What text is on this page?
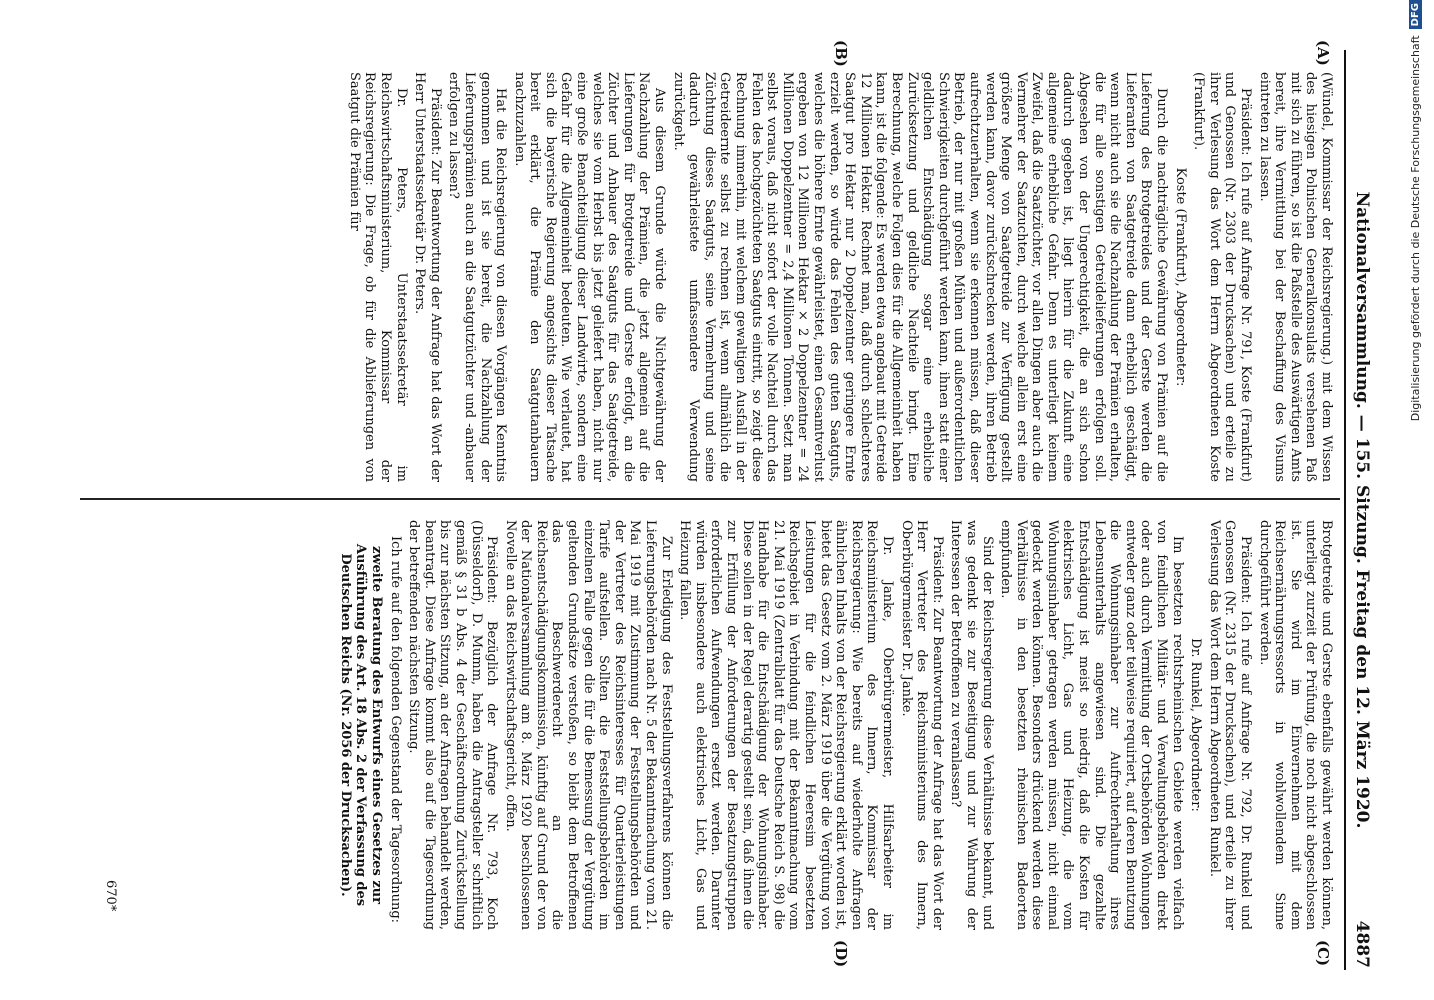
Nationalversammlung. — 155. Sitzung. Freitag den 12. März 1920.
4887
(A)
(B)
(C)
(D)

(Wündel, Kommissar der Reichsregierung.) mit dem Wissen des hiesigen Polnischen Generalkonsulats versehenen Paß mit sich zu führen, so ist die Paßstelle des Auswärtigen Amts bereit, ihre Vermittlung bei der Beschaffung des Visums eintreten zu lassen.

Präsident: Ich rufe auf Anfrage Nr. 791, Koste (Frankfurt) und Genossen (Nr. 2303 der Drucksachen) und erteile zu ihrer Verlesung das Wort dem Herrn Abgeordneten Koste (Frankfurt).

Koste (Frankfurt), Abgeordneter:

Durch die nachträgliche Gewährung von Prämien auf die Lieferung des Brotgetreides und der Gerste werden die Lieferanten von Saatgetreide dann erheblich geschädigt, wenn nicht auch sie die Nachzahlung der Prämien erhalten, die für alle sonstigen Getreidelieferungen erfolgen soll. Abgesehen von der Ungerechtigkeit, die an sich schon dadurch gegeben ist, liegt hierin für die Zukunft eine allgemeine erhebliche Gefahr. Denn es unterliegt keinem Zweifel, daß die Saatzüchter, vor allen Dingen aber auch die Vermehrer der Saatzuchten, durch welche allein erst eine größere Menge von Saatgetreide zur Verfügung gestellt werden kann, davor zurückschrecken werden, ihren Betrieb aufrechtzuerhalten, wenn sie erkennen müssen, daß dieser Betrieb, der nur mit großen Mühen und außerordentlichen Schwierigkeiten durchgeführt werden kann, ihnen statt einer geldlichen Entschädigung sogar eine erhebliche Zurücksetzung und geldliche Nachteile bringt. Eine Berechnung, welche Folgen dies für die Allgemeinheit haben kann, ist die folgende: Es werden etwa angebaut mit Getreide 12 Millionen Hektar. Rechnet man, daß durch schlechteres Saatgut pro Hektar nur 2 Doppelzentner geringere Ernte erzielt werden, so würde das Fehlen des guten Saatguts, welches die höhere Ernte gewährleistet, einen Gesamtverlust ergeben von 12 Millionen Hektar × 2 Doppelzentner = 24 Millionen Doppelzentner = 2,4 Millionen Tonnen. Setzt man selbst voraus, daß nicht sofort der volle Nachteil durch das Fehlen des hochgezüchteten Saatguts eintritt, so zeigt diese Rechnung immerhin, mit welchem gewaltigen Ausfall in der Getreideernte selbst zu rechnen ist, wenn allmählich die Züchtung dieses Saatguts, seine Vermehrung und seine dadurch gewährleistete umfassendere Verwendung zurückgeht.

Aus diesem Grunde würde die Nichtgewährung der Nachzahlung der Prämien, die jetzt allgemein auf die Lieferungen für Brotgetreide und Gerste erfolgt, an die Züchter und Anbauer des Saatguts für das Saatgetreide, welches sie vom Herbst bis jetzt geliefert haben, nicht nur eine große Benachteiligung dieser Landwirte, sondern eine Gefahr für die Allgemeinheit bedeuten. Wie verlautet, hat sich die bayerische Regierung angesichts dieser Tatsache bereit erklärt, die Prämie den Saatgutanbauern nachzuzahlen.

Hat die Reichsregierung von diesen Vorgängen Kenntnis genommen und ist sie bereit, die Nachzahlung der Lieferungsprämien auch an die Saatgutzüchter und -anbauer erfolgen zu lassen?

Präsident: Zur Beantwortung der Anfrage hat das Wort der Herr Unterstaatssekretär Dr. Peters.

Dr. Peters, Unterstaatssekretär im Reichswirtschaftsministerium, Kommissar der Reichsregierung: Die Frage, ob für die Ablieferungen von Saatgut die Prämien für

Brotgetreide und Gerste ebenfalls gewährt werden können, unterliegt zurzeit der Prüfung, die noch nicht abgeschlossen ist. Sie wird im Einvernehmen mit dem Reichsernährungsressorts in wohlwollendem Sinne durchgeführt werden.

Präsident: Ich rufe auf Anfrage Nr. 792, Dr. Runkel und Genossen (Nr. 2315 der Drucksachen), und erteile zu ihrer Verlesung das Wort dem Herrn Abgeordneten Runkel.

Dr. Runkel, Abgeordneter:

Im besetzten rechtsrheinischen Gebiete werden vielfach von feindlichen Militär- und Verwaltungsbehörden direkt oder auch durch Vermittlung der Ortsbehörden Wohnungen entweder ganz oder teilweise requiriert, auf deren Benutzung die Wohnungsinhaber zur Aufrechterhaltung ihres Lebensunterhalts angewiesen sind. Die gezahlte Entschädigung ist meist so niedrig, daß die Kosten für elektrisches Licht, Gas und Heizung, die vom Wohnungsinhaber getragen werden müssen, nicht einmal gedeckt werden können. Besonders drückend werden diese Verhältnisse in den besetzten rheinischen Badeorten empfunden.

Sind der Reichsregierung diese Verhältnisse bekannt, und was gedenkt sie zur Beseitigung und zur Wahrung der Interessen der Betroffenen zu veranlassen?

Präsident: Zur Beantwortung der Anfrage hat das Wort der Herr Vertreter des Reichsministeriums des Innern, Oberbürgermeister Dr. Janke.

Dr. Janke, Oberbürgermeister, Hilfsarbeiter im Reichsministerium des Innern, Kommissar der Reichsregierung: Wie bereits auf wiederholte Anfragen ähnlichen Inhalts von der Reichsregierung erklärt worden ist, bietet das Gesetz vom 2. März 1919 über die Vergütung von Leistungen für die feindlichen Heeresim besetzten Reichsgebiet in Verbindung mit der Bekanntmachung vom 21. Mai 1919 (Zentralblatt für das Deutsche Reich S. 98) die Handhabe für die Entschädigung der Wohnungsinhaber. Diese sollen in der Regel derartig gestellt sein, daß ihnen die zur Erfüllung der Anforderungen der Besatzungstruppen erforderlichen Aufwendungen ersetzt werden. Darunter würden insbesondere auch elektrisches Licht, Gas und Heizung fallen.

Zur Erledigung des Feststellungsverfahrens können die Lieferungsbehörden nach Nr. 5 der Bekanntmachung vom 21. Mai 1919 mit Zustimmung der Feststellungsbehörden und der Vertreter des Reichsinteresses für Quartierleistungen Tarife aufstellen. Sollten die Feststellungsbehörden im einzelnen Falle gegen die für die Bemessung der Vergütung geltenden Grundsätze verstoßen, so bleibt dem Betroffenen das Beschwerderecht an die Reichsentschädigungskommission, künftig auf Grund der von der Nationalversammlung am 8. März 1920 beschlossenen Novelle an das Reichswirtschaftsgericht, offen.

Präsident: Bezüglich der Anfrage Nr. 793, Koch (Düsseldorf), D. Mumm, haben die Antragsteller schriftlich gemäß § 31 b Abs. 4 der Geschäftsordnung Zurückstellung bis zur nächsten Sitzung, an der Anfragen behandelt werden, beantragt. Diese Anfrage kommt also auf die Tagesordnung der betreffenden nächsten Sitzung.

Ich rufe auf den folgenden Gegenstand der Tagesordnung:

zweite Beratung des Entwurfs eines Gesetzes zur Ausführung des Art. 18 Abs. 2 der Verfassung des Deutschen Reichs (Nr. 2056 der Drucksachen).

670*
Digitalisierung gefördert durch die Deutsche Forschungsgemeinschaft
DFG
